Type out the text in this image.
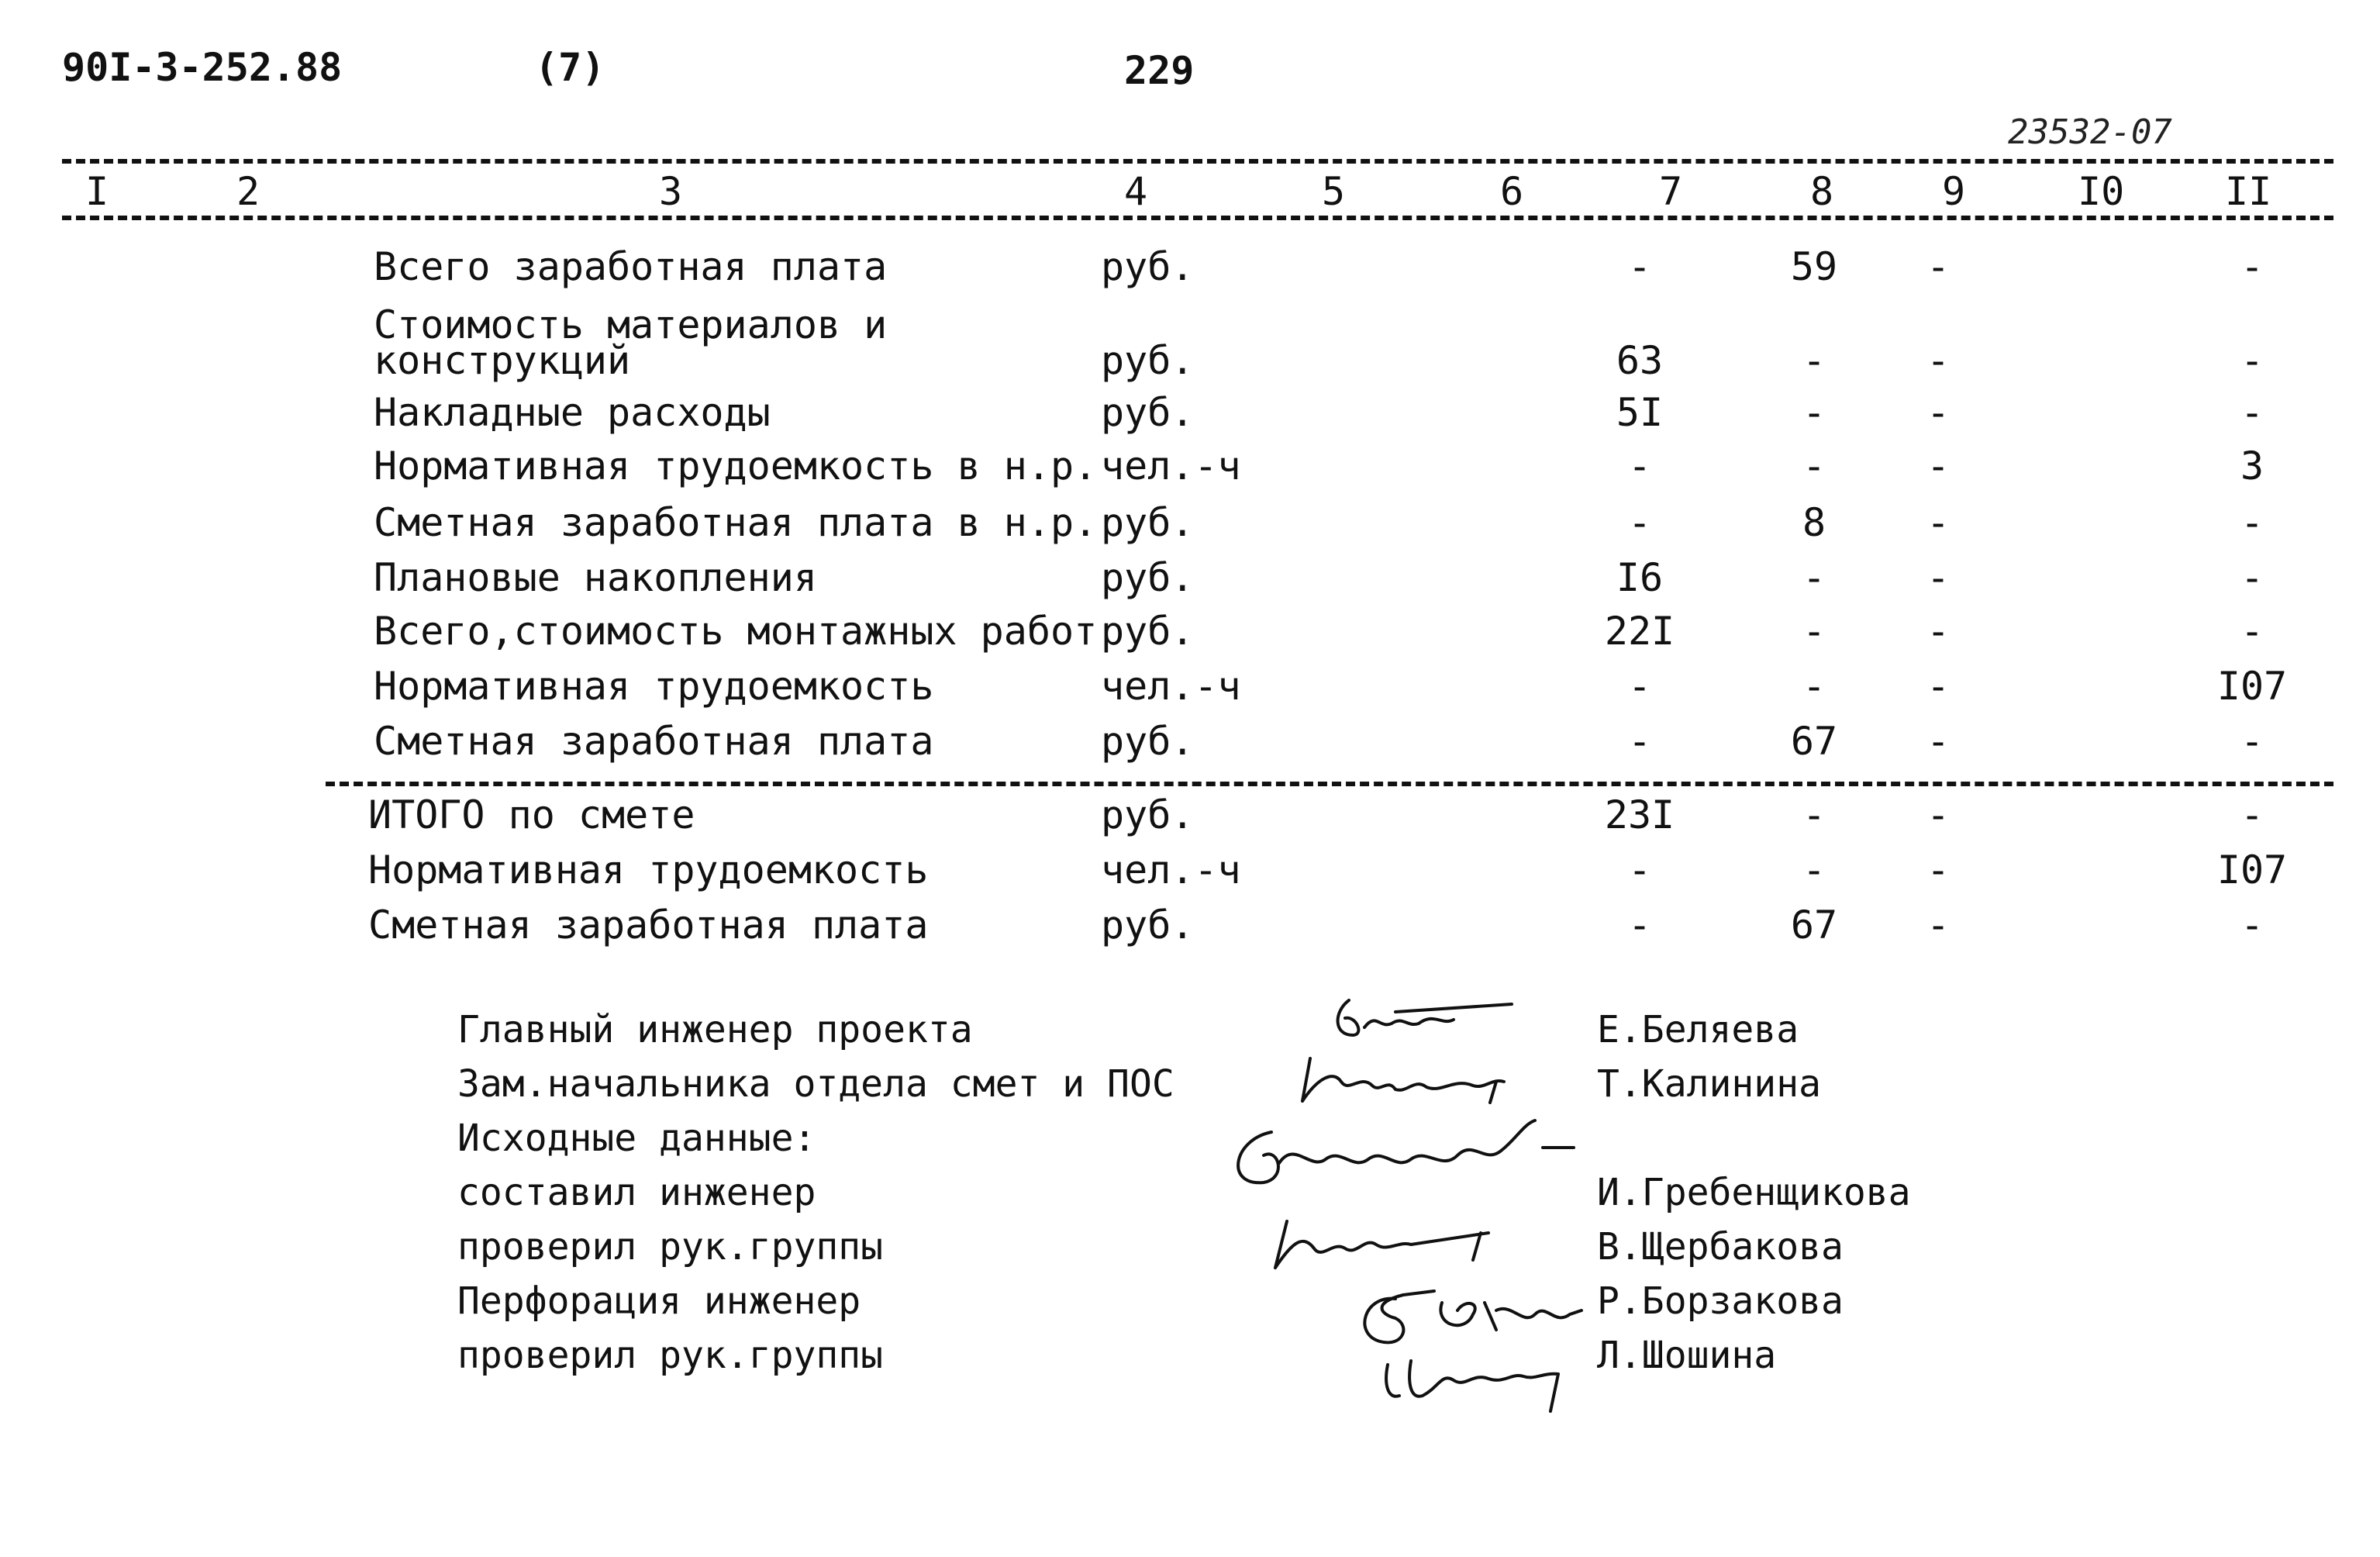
90I-3-252.88	(7)	229
23532-07
I	2	3	4	5	6	7	8	9	I0	II
Всего заработная плата	руб.	-	59	-	-
Стоимость материалов и
конструкций	руб.	63	-	-	-
Накладные расходы	руб.	5I	-	-	-
Нормативная трудоемкость в н.р. чел.-ч	-	-	-	3
Сметная заработная плата в н.р. руб.	-	8	-	-
Плановые накопления	руб.	I6	-	-	-
Всего,стоимость монтажных работ руб.	22I	-	-	-
Нормативная трудоемкость	чел.-ч	-	-	-	I07
Сметная заработная плата	руб.	-	67	-	-
ИТОГО по смете	руб.	23I	-	-	-
Нормативная трудоемкость	чел.-ч	-	-	-	I07
Сметная заработная плата	руб.	-	67	-	-
Главный инженер проекта	Е.Беляева
Зам.начальника отдела смет и ПОС	Т.Калинина
Исходные данные:
составил инженер	И.Гребенщикова
проверил рук.группы	В.Щербакова
Перфорация инженер	Р.Борзакова
проверил рук.группы	Л.Шошина
